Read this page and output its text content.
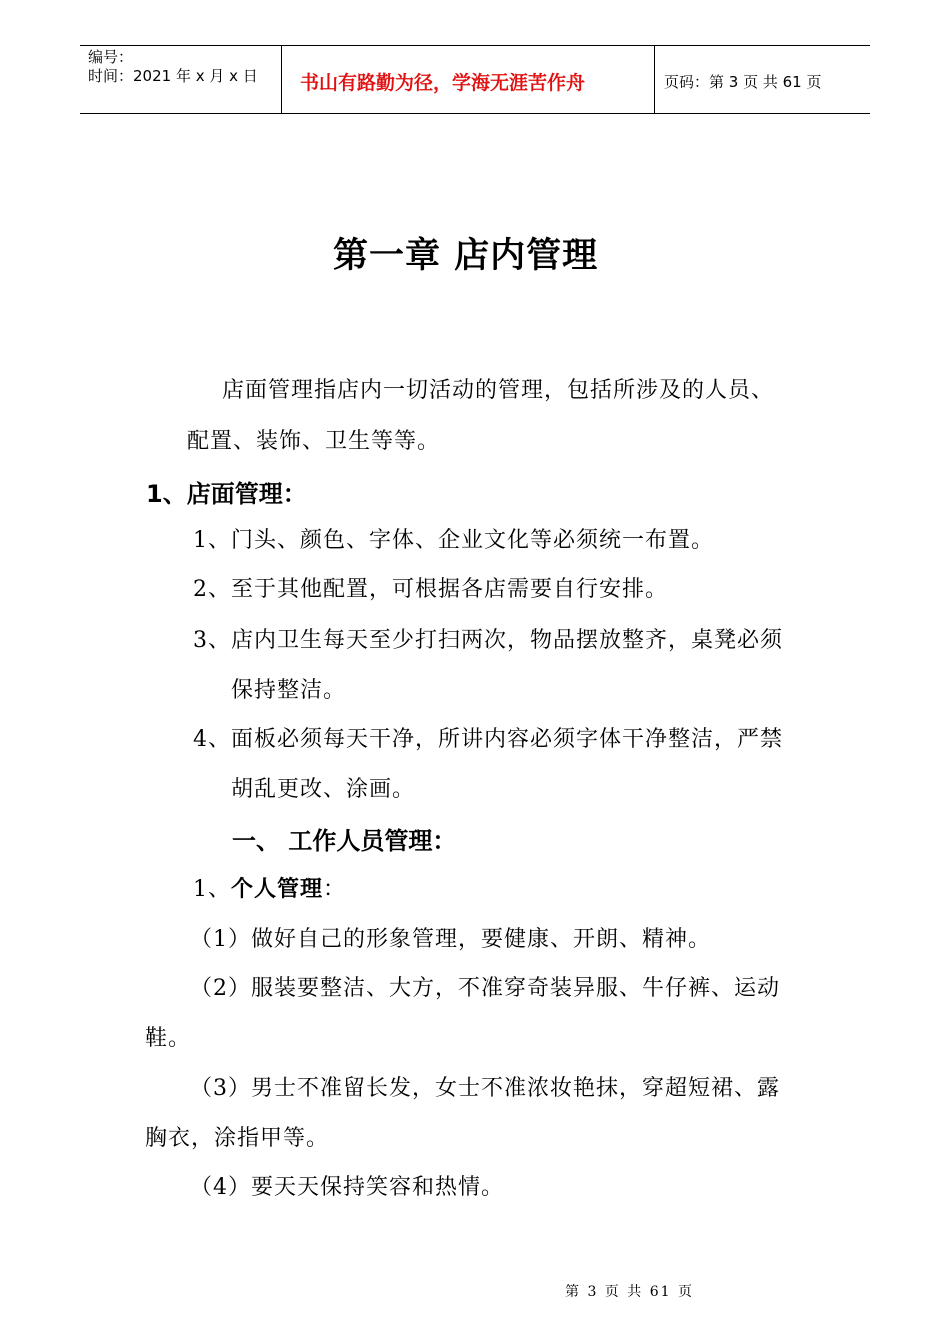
编号：
时间：2021 年 x 月 x 日 书山有路勤为径，学海无涯苦作舟	页码：第 3 页 共 61 页
第一章 店内管理
店面管理指店内一切活动的管理，包括所涉及的人员、
配置、装饰、卫生等等。
1、店面管理：
1、门头、颜色、字体、企业文化等必须统一布置。
2、至于其他配置，可根据各店需要自行安排。
3、店内卫生每天至少打扫两次，物品摆放整齐，桌凳必须
保持整洁。
4、面板必须每天干净，所讲内容必须字体干净整洁，严禁
胡乱更改、涂画。
一、 工作人员管理：
1、个人管理：
（1）做好自己的形象管理，要健康、开朗、精神。
（2）服装要整洁、大方，不准穿奇装异服、牛仔裤、运动
鞋。
（3）男士不准留长发，女士不准浓妆艳抹，穿超短裙、露
胸衣，涂指甲等。
（4）要天天保持笑容和热情。
第 3 页 共 61 页
